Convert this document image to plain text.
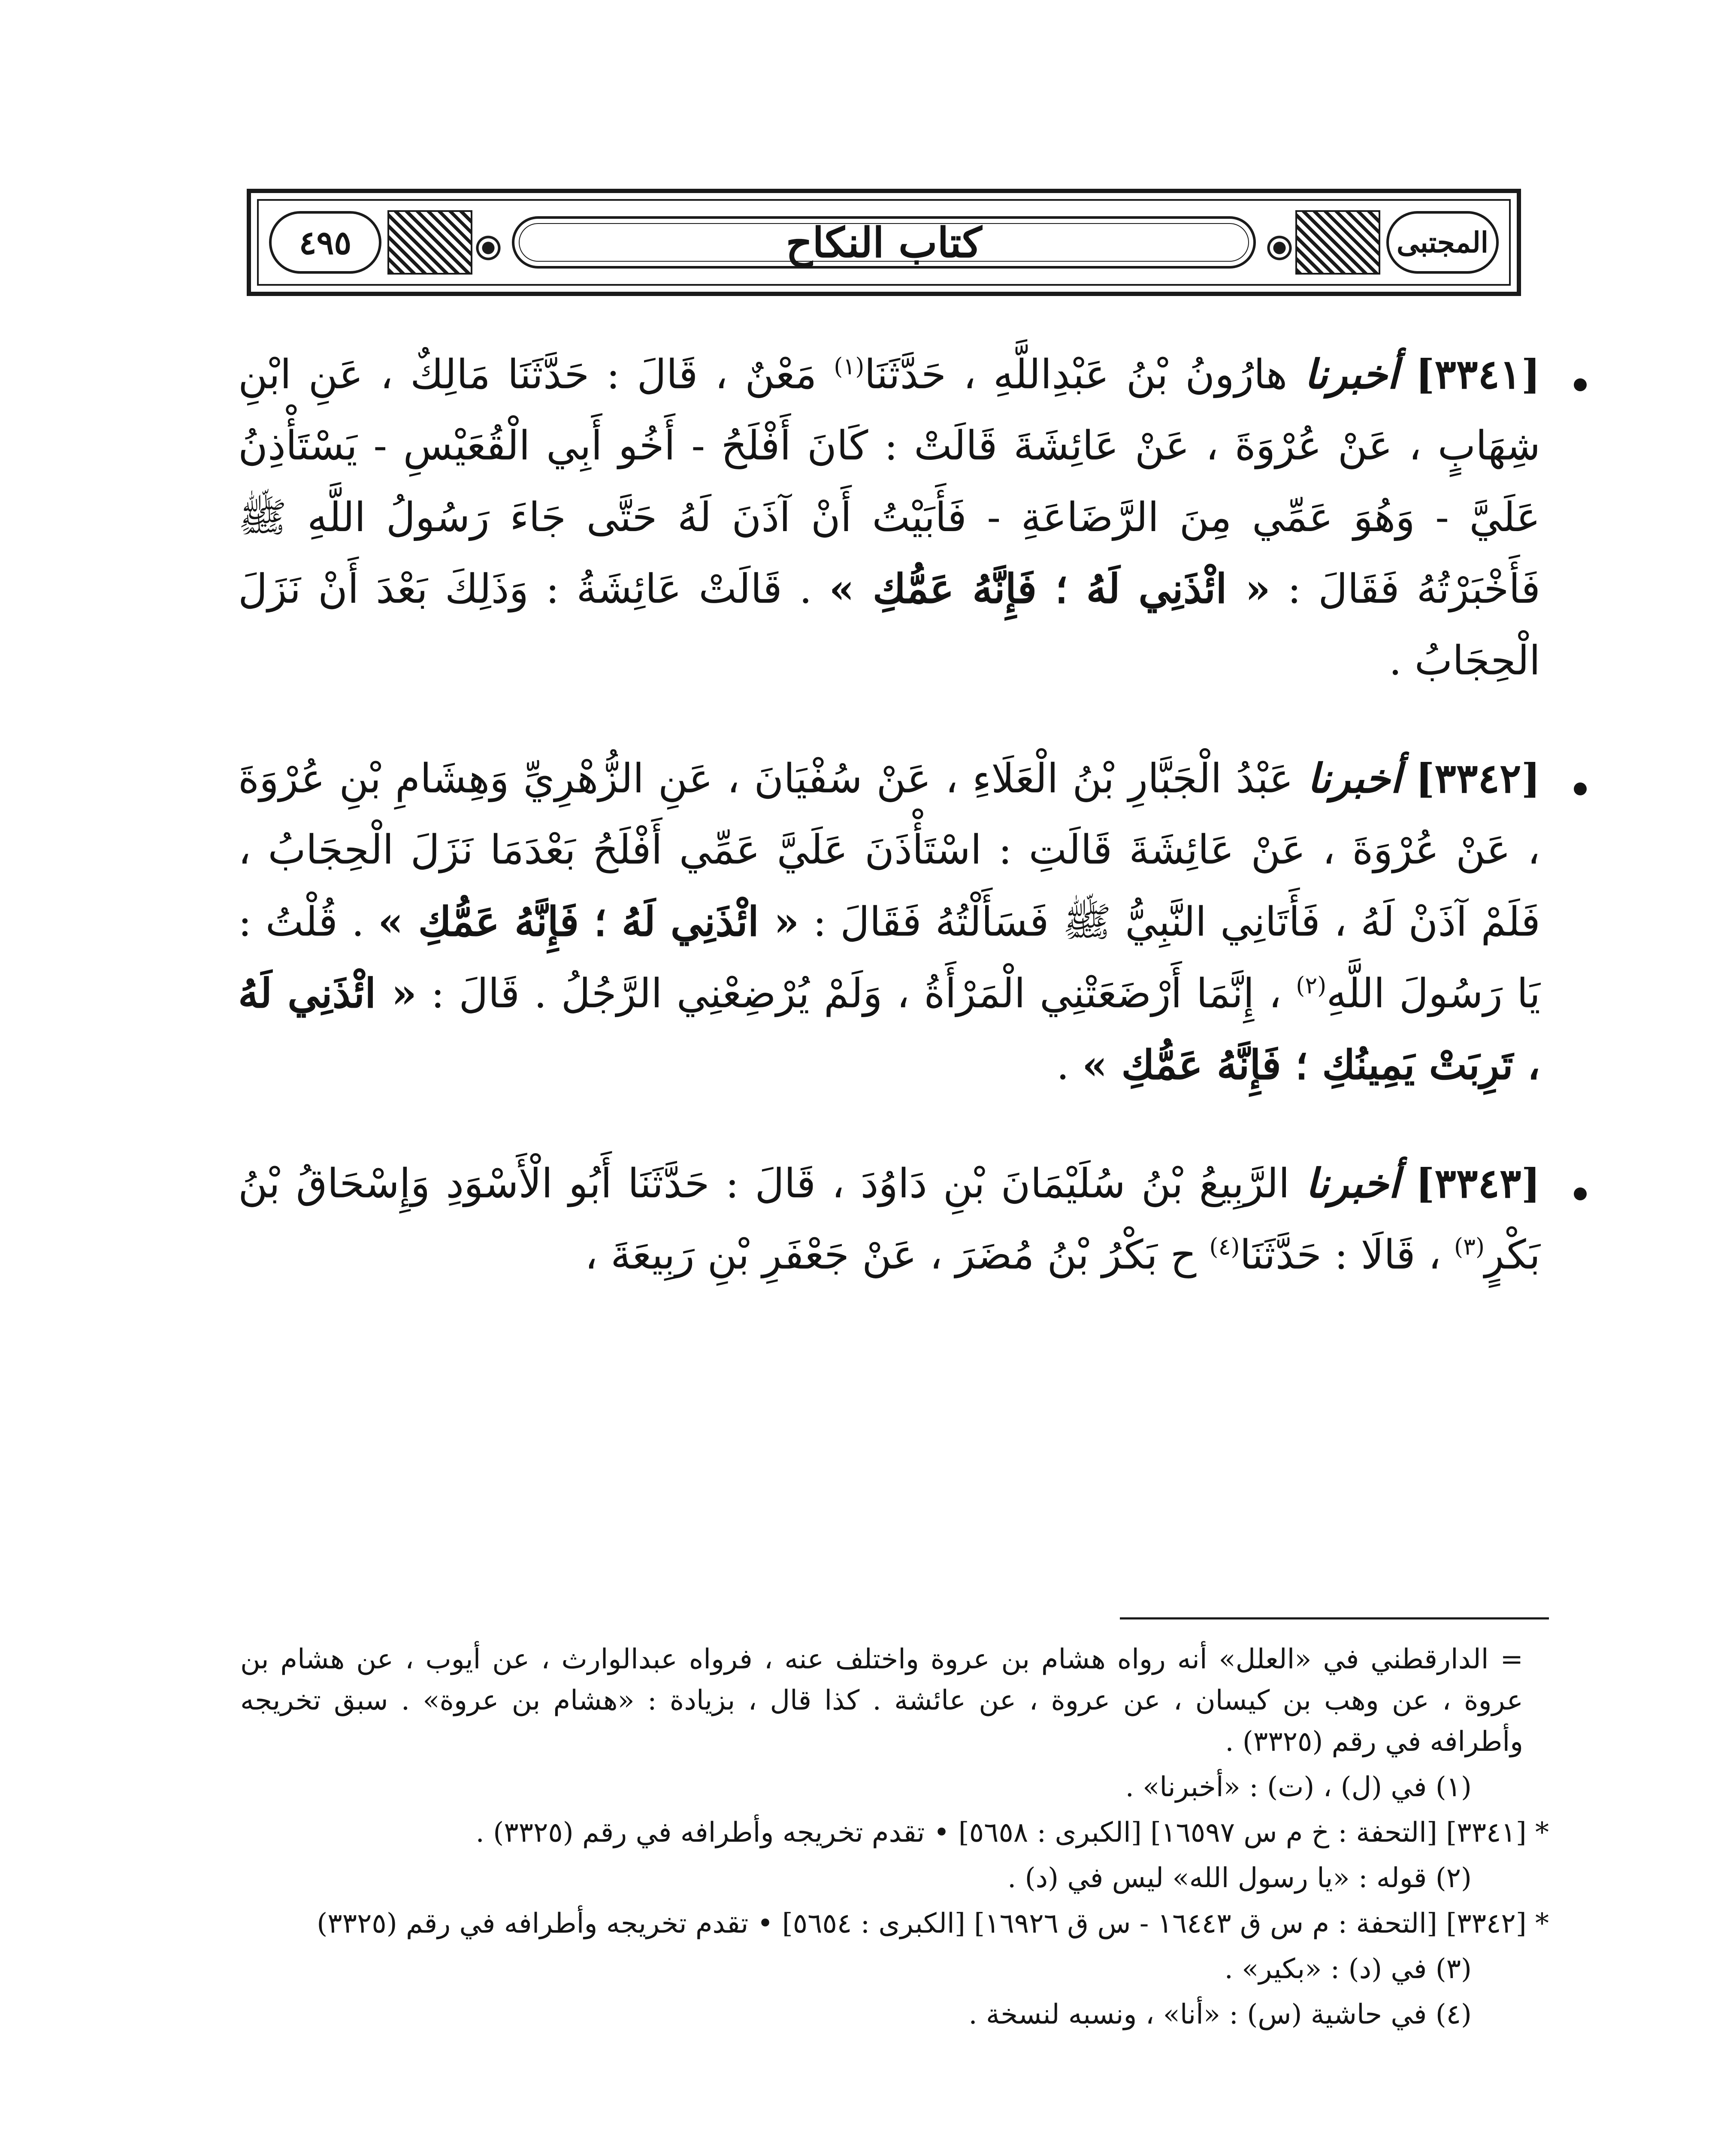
كتاب النكاح	المجتبى
٤٩٥

[٣٣٤١] أخبرنا هارُونُ بْنُ عَبْدِاللَّهِ ، حَدَّثَنَا$^{(١)}$ مَعْنٌ ، قَالَ : حَدَّثَنَا مَالِكٌ ، عَنِ ابْنِ شِهَابٍ ، عَنْ عُرْوَةَ ، عَنْ عَائِشَةَ قَالَتْ : كَانَ أَفْلَحُ - أَخُو أَبِي الْقُعَيْسِ - يَسْتَأْذِنُ عَلَيَّ - وَهُوَ عَمِّي مِنَ الرَّضَاعَةِ - فَأَبَيْتُ أَنْ آذَنَ لَهُ حَتَّى جَاءَ رَسُولُ اللَّهِ ﷺ فَأَخْبَرْتُهُ فَقَالَ : « ائْذَنِي لَهُ ؛ فَإِنَّهُ عَمُّكِ » . قَالَتْ عَائِشَةُ : وَذَلِكَ بَعْدَ أَنْ نَزَلَ الْحِجَابُ .

[٣٣٤٢] أخبرنا عَبْدُ الْجَبَّارِ بْنُ الْعَلَاءِ ، عَنْ سُفْيَانَ ، عَنِ الزُّهْرِيِّ وَهِشَامِ بْنِ عُرْوَةَ ، عَنْ عُرْوَةَ ، عَنْ عَائِشَةَ قَالَتِ : اسْتَأْذَنَ عَلَيَّ عَمِّي أَفْلَحُ بَعْدَمَا نَزَلَ الْحِجَابُ ، فَلَمْ آذَنْ لَهُ ، فَأَتَانِي النَّبِيُّ ﷺ فَسَأَلْتُهُ فَقَالَ : « ائْذَنِي لَهُ ؛ فَإِنَّهُ عَمُّكِ » . قُلْتُ : يَا رَسُولَ اللَّهِ$^{(٢)}$ ، إِنَّمَا أَرْضَعَتْنِي الْمَرْأَةُ ، وَلَمْ يُرْضِعْنِي الرَّجُلُ . قَالَ : « ائْذَنِي لَهُ ، تَرِبَتْ يَمِينُكِ ؛ فَإِنَّهُ عَمُّكِ » .

[٣٣٤٣] أخبرنا الرَّبِيعُ بْنُ سُلَيْمَانَ بْنِ دَاوُدَ ، قَالَ : حَدَّثَنَا أَبُو الْأَسْوَدِ وَإِسْحَاقُ بْنُ بَكْرٍ$^{(٣)}$ ، قَالَا : حَدَّثَنَا$^{(٤)}$ ح بَكْرُ بْنُ مُضَرَ ، عَنْ جَعْفَرِ بْنِ رَبِيعَةَ ،

= الدارقطني في «العلل» أنه رواه هشام بن عروة واختلف عنه ، فرواه عبدالوارث ، عن أيوب ، عن هشام بن عروة ، عن وهب بن كيسان ، عن عروة ، عن عائشة . كذا قال ، بزيادة : «هشام بن عروة» . سبق تخريجه وأطرافه في رقم (٣٣٢٥) .

(١) في (ل) ، (ت) : «أخبرنا» .

* [٣٣٤١] [التحفة : خ م س ١٦٥٩٧] [الكبرى : ٥٦٥٨] • تقدم تخريجه وأطرافه في رقم (٣٣٢٥) .

(٢) قوله : «يا رسول الله» ليس في (د) .

* [٣٣٤٢] [التحفة : م س ق ١٦٤٤٣ - س ق ١٦٩٢٦] [الكبرى : ٥٦٥٤] • تقدم تخريجه وأطرافه في رقم (٣٣٢٥)

(٣) في (د) : «بكير» .

(٤) في حاشية (س) : «أنا» ، ونسبه لنسخة .
